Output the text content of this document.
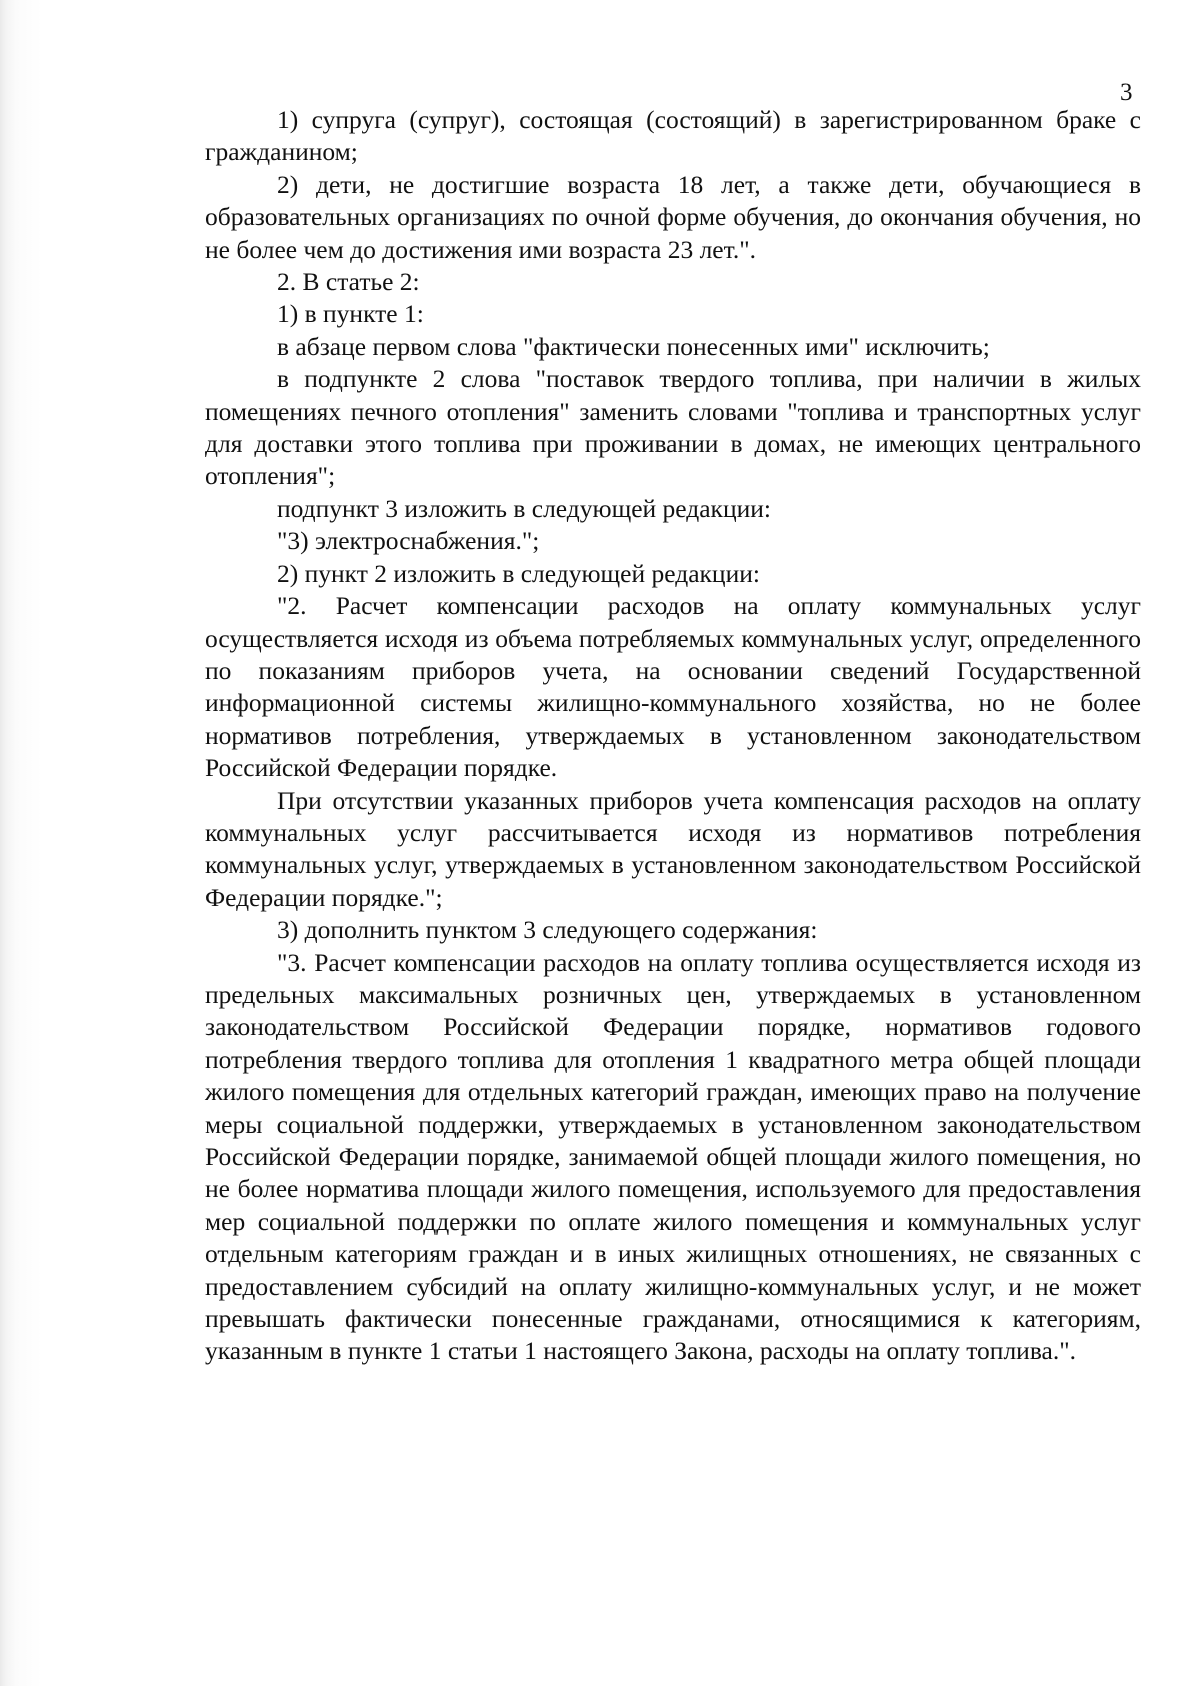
3

1) супруга (супруг), состоящая (состоящий) в зарегистрированном браке с гражданином;

2) дети, не достигшие возраста 18 лет, а также дети, обучающиеся в образовательных организациях по очной форме обучения, до окончания обучения, но не более чем до достижения ими возраста 23 лет.".

2. В статье 2:

1) в пункте 1:

в абзаце первом слова "фактически понесенных ими" исключить;

в подпункте 2 слова "поставок твердого топлива, при наличии в жилых помещениях печного отопления" заменить словами "топлива и транспортных услуг для доставки этого топлива при проживании в домах, не имеющих центрального отопления";

подпункт 3 изложить в следующей редакции:

"3) электроснабжения.";

2) пункт 2 изложить в следующей редакции:

"2. Расчет компенсации расходов на оплату коммунальных услуг осуществляется исходя из объема потребляемых коммунальных услуг, определенного по показаниям приборов учета, на основании сведений Государственной информационной системы жилищно-коммунального хозяйства, но не более нормативов потребления, утверждаемых в установленном законодательством Российской Федерации порядке.

При отсутствии указанных приборов учета компенсация расходов на оплату коммунальных услуг рассчитывается исходя из нормативов потребления коммунальных услуг, утверждаемых в установленном законодательством Российской Федерации порядке.";

3) дополнить пунктом 3 следующего содержания:

"3. Расчет компенсации расходов на оплату топлива осуществляется исходя из предельных максимальных розничных цен, утверждаемых в установленном законодательством Российской Федерации порядке, нормативов годового потребления твердого топлива для отопления 1 квадратного метра общей площади жилого помещения для отдельных категорий граждан, имеющих право на получение меры социальной поддержки, утверждаемых в установленном законодательством Российской Федерации порядке, занимаемой общей площади жилого помещения, но не более норматива площади жилого помещения, используемого для предоставления мер социальной поддержки по оплате жилого помещения и коммунальных услуг отдельным категориям граждан и в иных жилищных отношениях, не связанных с предоставлением субсидий на оплату жилищно-коммунальных услуг, и не может превышать фактически понесенные гражданами, относящимися к категориям, указанным в пункте 1 статьи 1 настоящего Закона, расходы на оплату топлива.".
